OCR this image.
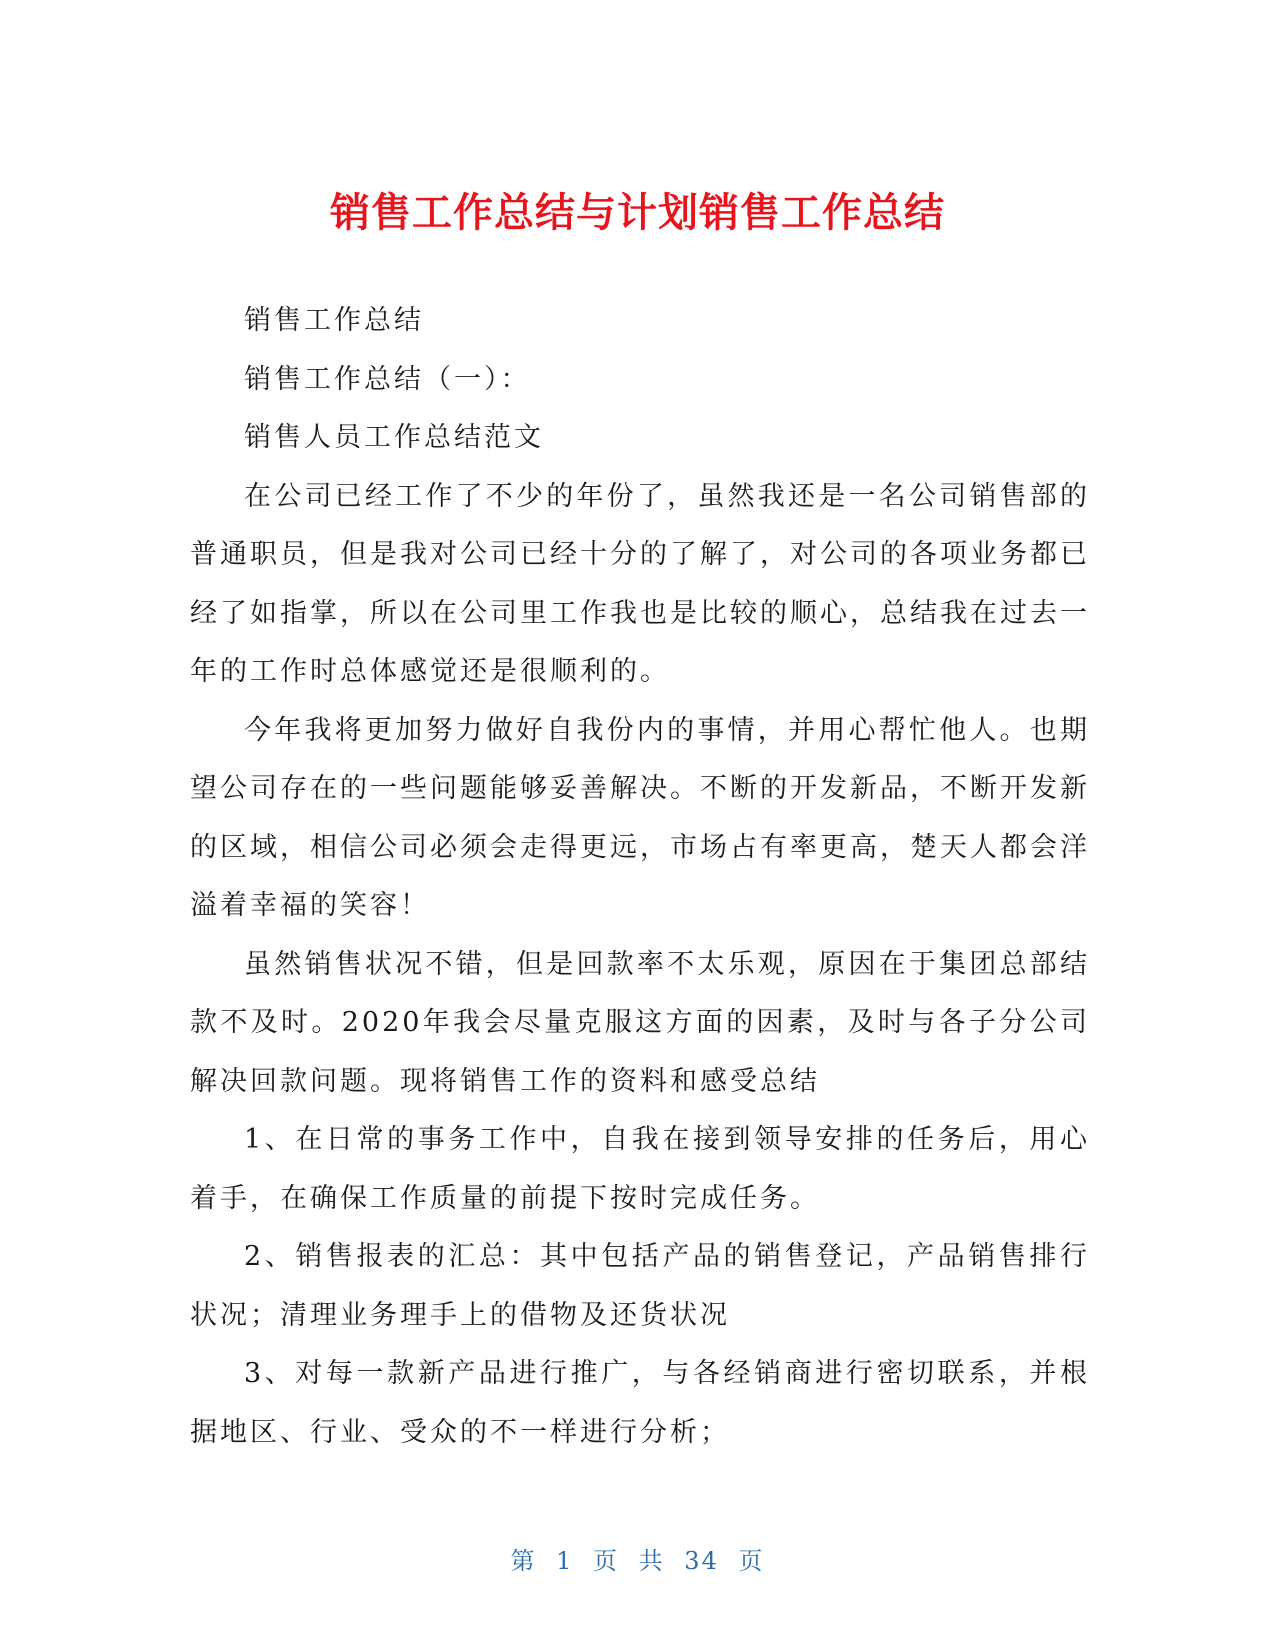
销售工作总结与计划销售工作总结

销售工作总结

销售工作总结（一）：

销售人员工作总结范文

在公司已经工作了不少的年份了，虽然我还是一名公司销售部的普通职员，但是我对公司已经十分的了解了，对公司的各项业务都已经了如指掌，所以在公司里工作我也是比较的顺心，总结我在过去一年的工作时总体感觉还是很顺利的。

今年我将更加努力做好自我份内的事情，并用心帮忙他人。也期望公司存在的一些问题能够妥善解决。不断的开发新品，不断开发新的区域，相信公司必须会走得更远，市场占有率更高，楚天人都会洋溢着幸福的笑容！

虽然销售状况不错，但是回款率不太乐观，原因在于集团总部结款不及时。2020年我会尽量克服这方面的因素，及时与各子分公司解决回款问题。现将销售工作的资料和感受总结

1、在日常的事务工作中，自我在接到领导安排的任务后，用心着手，在确保工作质量的前提下按时完成任务。

2、销售报表的汇总：其中包括产品的销售登记，产品销售排行状况；清理业务理手上的借物及还货状况

3、对每一款新产品进行推广，与各经销商进行密切联系，并根据地区、行业、受众的不一样进行分析；

第 1 页 共 34 页
